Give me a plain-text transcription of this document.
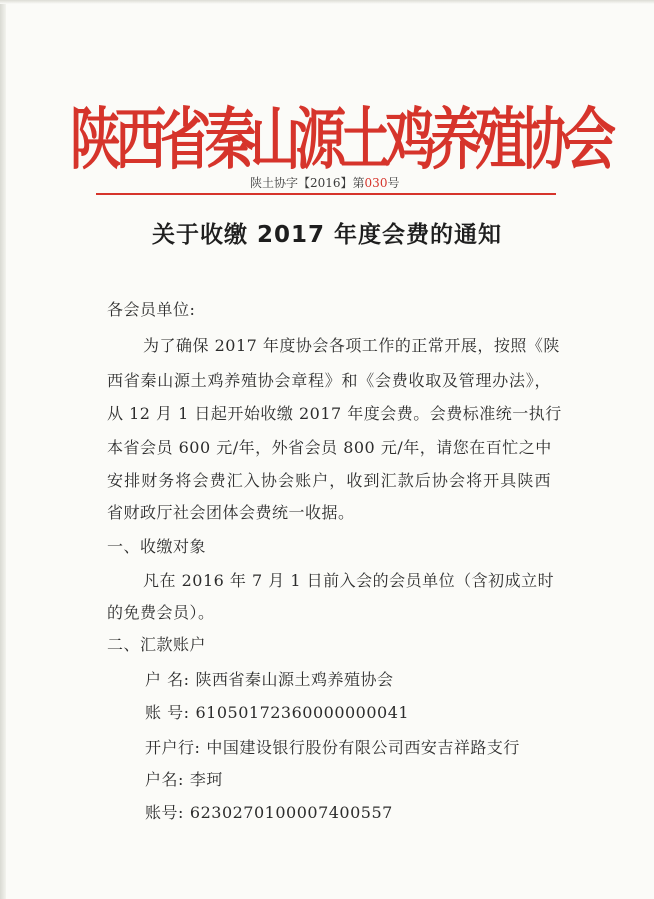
陕西省秦山源土鸡养殖协会
陕土协字【2016】第030号
关于收缴 2017 年度会费的通知
各会员单位:
为了确保 2017 年度协会各项工作的正常开展，按照《陕
西省秦山源土鸡养殖协会章程》和《会费收取及管理办法》，
从 12 月 1 日起开始收缴 2017 年度会费。会费标准统一执行
本省会员 600 元/年，外省会员 800 元/年，请您在百忙之中
安排财务将会费汇入协会账户，收到汇款后协会将开具陕西
省财政厅社会团体会费统一收据。
一、收缴对象
凡在 2016 年 7 月 1 日前入会的会员单位（含初成立时
的免费会员）。
二、汇款账户
户 名: 陕西省秦山源土鸡养殖协会
账 号: 61050172360000000041
开户行: 中国建设银行股份有限公司西安吉祥路支行
户名: 李珂
账号: 6230270100007400557
